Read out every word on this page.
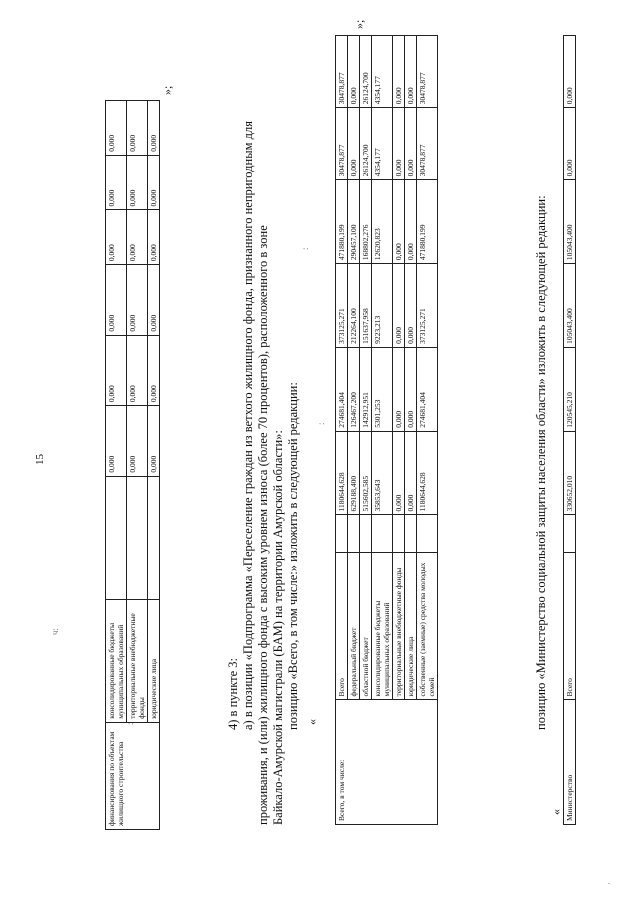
15
финансирования по объектам жилищного строительства	консолидированные бюджеты муниципальных образований		0,000	0,000	0,000	0,000	0,000	0,000
	территориальные внебюджетные фонды		0,000	0,000	0,000	0,000	0,000	0,000
	юридические лица		0,000	0,000	0,000	0,000	0,000	0,000
»;
4) в пункте 3: а) в позиции «Подпрограмма «Переселение граждан из ветхого жилищного фонда, признанного непригодным для проживания, и (или) жилищного фонда с высоким уровнем износа (более 70 процентов), расположенного в зоне Байкало-Амурской магистрали (БАМ) на территории Амурской области»: позицию «Всего, в том числе:» изложить в следующей редакции: «
Всего, в том числе:	Всего		1180644,628	274681,404	373125,271	471880,199	30478,877	30478,877
	федеральный бюджет		629188,400	126467,200	212264,100	290457,100	0,000	0,000
	областной бюджет		515602,585	142912,951	151637,958	168802,276	26124,700	26124,700
	консолидированные бюджеты муниципальных образований		35853,643	5301,253	9223,213	12620,823	4354,177	4354,177
	территориальные внебюджетные фонды		0,000	0,000	0,000	0,000	0,000	0,000
	юридические лица		0,000	0,000	0,000	0,000	0,000	0,000
	собственные (заемные) средства молодых семей		1180644,628	274681,404	373125,271	471880,199	30478,877	30478,877
»;
позицию «Министерство социальной защиты населения области» изложить в следующей редакции:
« Министерство	Всего		330652,010	120545,210	105043,400	105043,400	0,000	0,000
:
:
:
ч:
·
